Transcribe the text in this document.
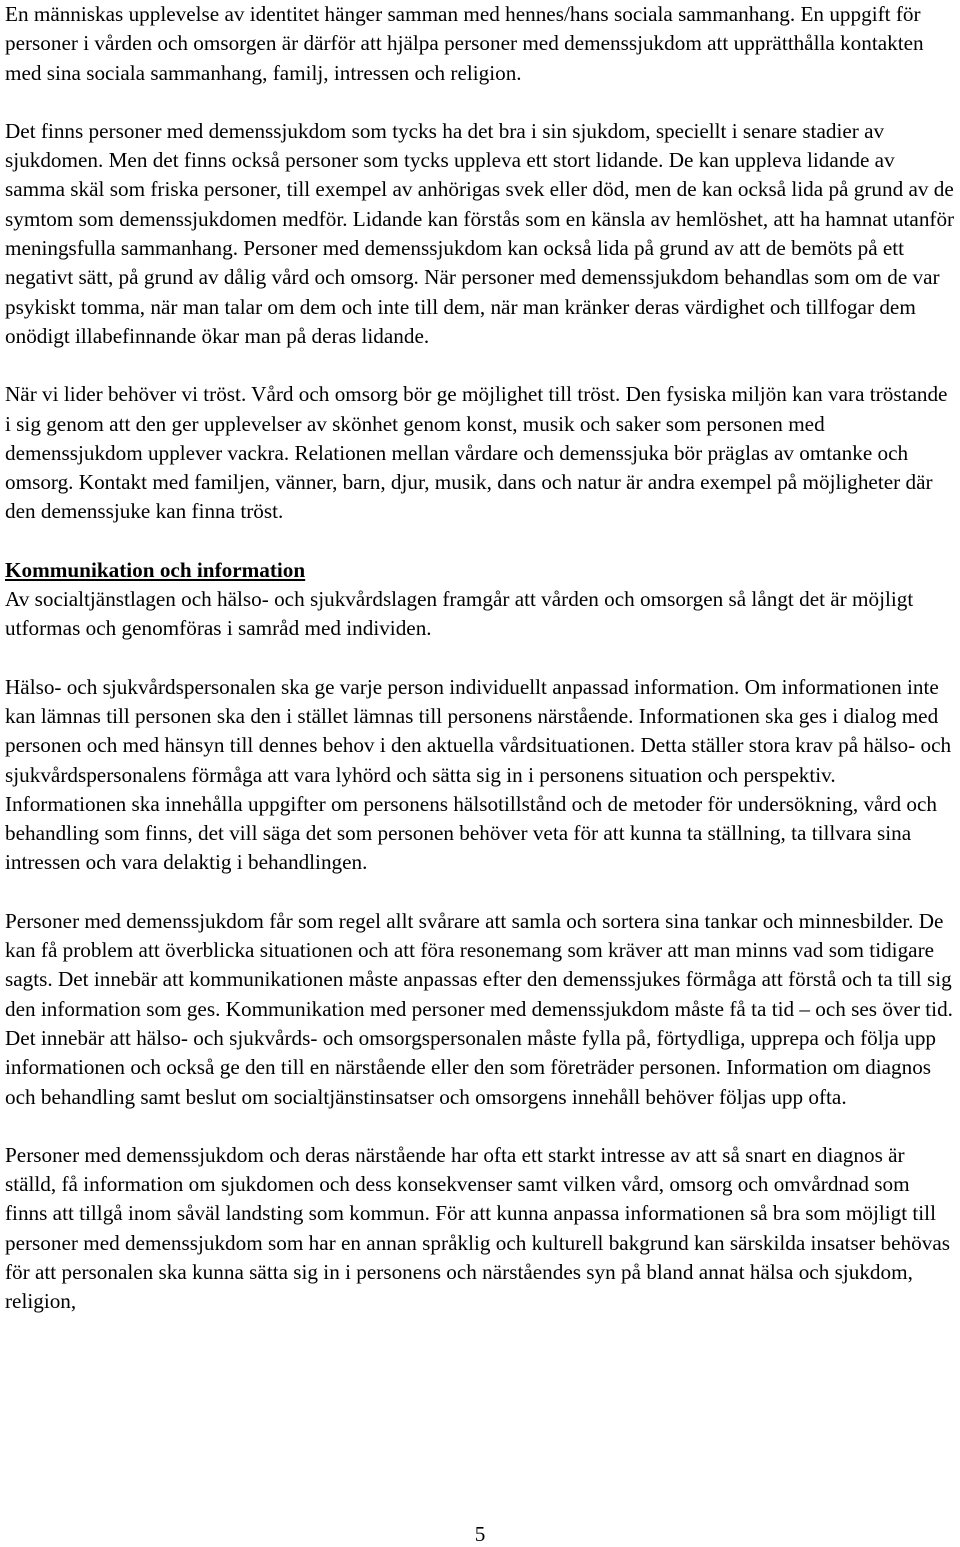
En människas upplevelse av identitet hänger samman med hennes/hans sociala sammanhang. En uppgift för personer i vården och omsorgen är därför att hjälpa personer med demenssjukdom att upprätthålla kontakten med sina sociala sammanhang, familj, intressen och religion.

Det finns personer med demenssjukdom som tycks ha det bra i sin sjukdom, speciellt i senare stadier av sjukdomen. Men det finns också personer som tycks uppleva ett stort lidande. De kan uppleva lidande av samma skäl som friska personer, till exempel av anhörigas svek eller död, men de kan också lida på grund av de symtom som demenssjukdomen medför. Lidande kan förstås som en känsla av hemlöshet, att ha hamnat utanför meningsfulla sammanhang. Personer med demenssjukdom kan också lida på grund av att de bemöts på ett negativt sätt, på grund av dålig vård och omsorg. När personer med demenssjukdom behandlas som om de var psykiskt tomma, när man talar om dem och inte till dem, när man kränker deras värdighet och tillfogar dem onödigt illabefinnande ökar man på deras lidande.

När vi lider behöver vi tröst. Vård och omsorg bör ge möjlighet till tröst. Den fysiska miljön kan vara tröstande i sig genom att den ger upplevelser av skönhet genom konst, musik och saker som personen med demenssjukdom upplever vackra. Relationen mellan vårdare och demenssjuka bör präglas av omtanke och omsorg. Kontakt med familjen, vänner, barn, djur, musik, dans och natur är andra exempel på möjligheter där den demenssjuke kan finna tröst.

Kommunikation och information

Av socialtjänstlagen och hälso- och sjukvårdslagen framgår att vården och omsorgen så långt det är möjligt utformas och genomföras i samråd med individen.

Hälso- och sjukvårdspersonalen ska ge varje person individuellt anpassad information. Om informationen inte kan lämnas till personen ska den i stället lämnas till personens närstående. Informationen ska ges i dialog med personen och med hänsyn till dennes behov i den aktuella vårdsituationen. Detta ställer stora krav på hälso- och sjukvårdspersonalens förmåga att vara lyhörd och sätta sig in i personens situation och perspektiv. Informationen ska innehålla uppgifter om personens hälsotillstånd och de metoder för undersökning, vård och behandling som finns, det vill säga det som personen behöver veta för att kunna ta ställning, ta tillvara sina intressen och vara delaktig i behandlingen.

Personer med demenssjukdom får som regel allt svårare att samla och sortera sina tankar och minnesbilder. De kan få problem att överblicka situationen och att föra resonemang som kräver att man minns vad som tidigare sagts. Det innebär att kommunikationen måste anpassas efter den demenssjukes förmåga att förstå och ta till sig den information som ges. Kommunikation med personer med demenssjukdom måste få ta tid – och ses över tid. Det innebär att hälso- och sjukvårds- och omsorgspersonalen måste fylla på, förtydliga, upprepa och följa upp informationen och också ge den till en närstående eller den som företräder personen. Information om diagnos och behandling samt beslut om socialtjänstinsatser och omsorgens innehåll behöver följas upp ofta.

Personer med demenssjukdom och deras närstående har ofta ett starkt intresse av att så snart en diagnos är ställd, få information om sjukdomen och dess konsekvenser samt vilken vård, omsorg och omvårdnad som finns att tillgå inom såväl landsting som kommun. För att kunna anpassa informationen så bra som möjligt till personer med demenssjukdom som har en annan språklig och kulturell bakgrund kan särskilda insatser behövas för att personalen ska kunna sätta sig in i personens och närståendes syn på bland annat hälsa och sjukdom, religion,

5
